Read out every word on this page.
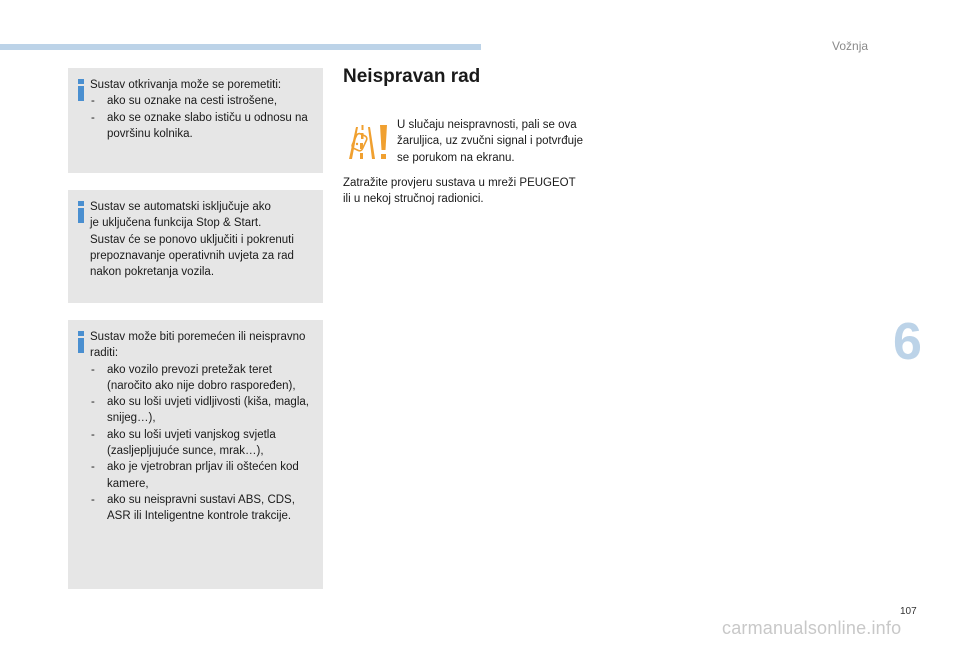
Vožnja
6
107
carmanualsonline.info

Sustav otkrivanja može se poremetiti:

- ako su oznake na cesti istrošene,
- ako se oznake slabo ističu u odnosu na površinu kolnika.

Sustav se automatski isključuje ako

je uključena funkcija Stop & Start.

Sustav će se ponovo uključiti i pokrenuti

prepoznavanje operativnih uvjeta za rad

nakon pokretanja vozila.

Sustav može biti poremećen ili neispravno raditi:

- ako vozilo prevozi pretežak teret (naročito ako nije dobro raspoređen),
- ako su loši uvjeti vidljivosti (kiša, magla, snijeg…),
- ako su loši uvjeti vanjskog svjetla (zasljepljujuće sunce, mrak…),
- ako je vjetrobran prljav ili oštećen kod kamere,
- ako su neispravni sustavi ABS, CDS, ASR ili Inteligentne kontrole trakcije.
Neispravan rad

U slučaju neispravnosti, pali se ova

žaruljica, uz zvučni signal i potvrđuje

se porukom na ekranu.

Zatražite provjeru sustava u mreži PEUGEOT

ili u nekoj stručnoj radionici.
